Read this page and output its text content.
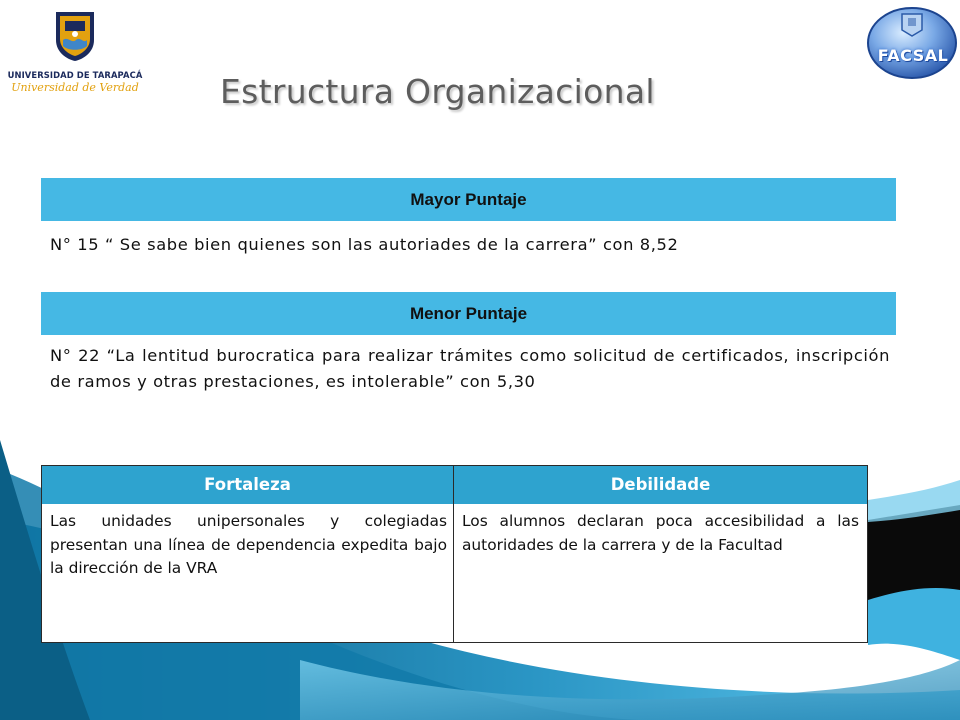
UNIVERSIDAD DE TARAPACÁ
Universidad de Verdad
FACSAL
Estructura Organizacional
Mayor Puntaje
N° 15 “ Se sabe bien quienes son las autoriades de la carrera” con 8,52
Menor Puntaje
N° 22 “La lentitud burocratica para realizar trámites como solicitud de certificados, inscripción de ramos y otras prestaciones, es intolerable” con 5,30
Fortaleza	Debilidade
Las unidades unipersonales y colegiadas presentan una línea de dependencia expedita bajo la dirección de la VRA
Los alumnos declaran poca accesibilidad a las autoridades de la carrera y de la Facultad
